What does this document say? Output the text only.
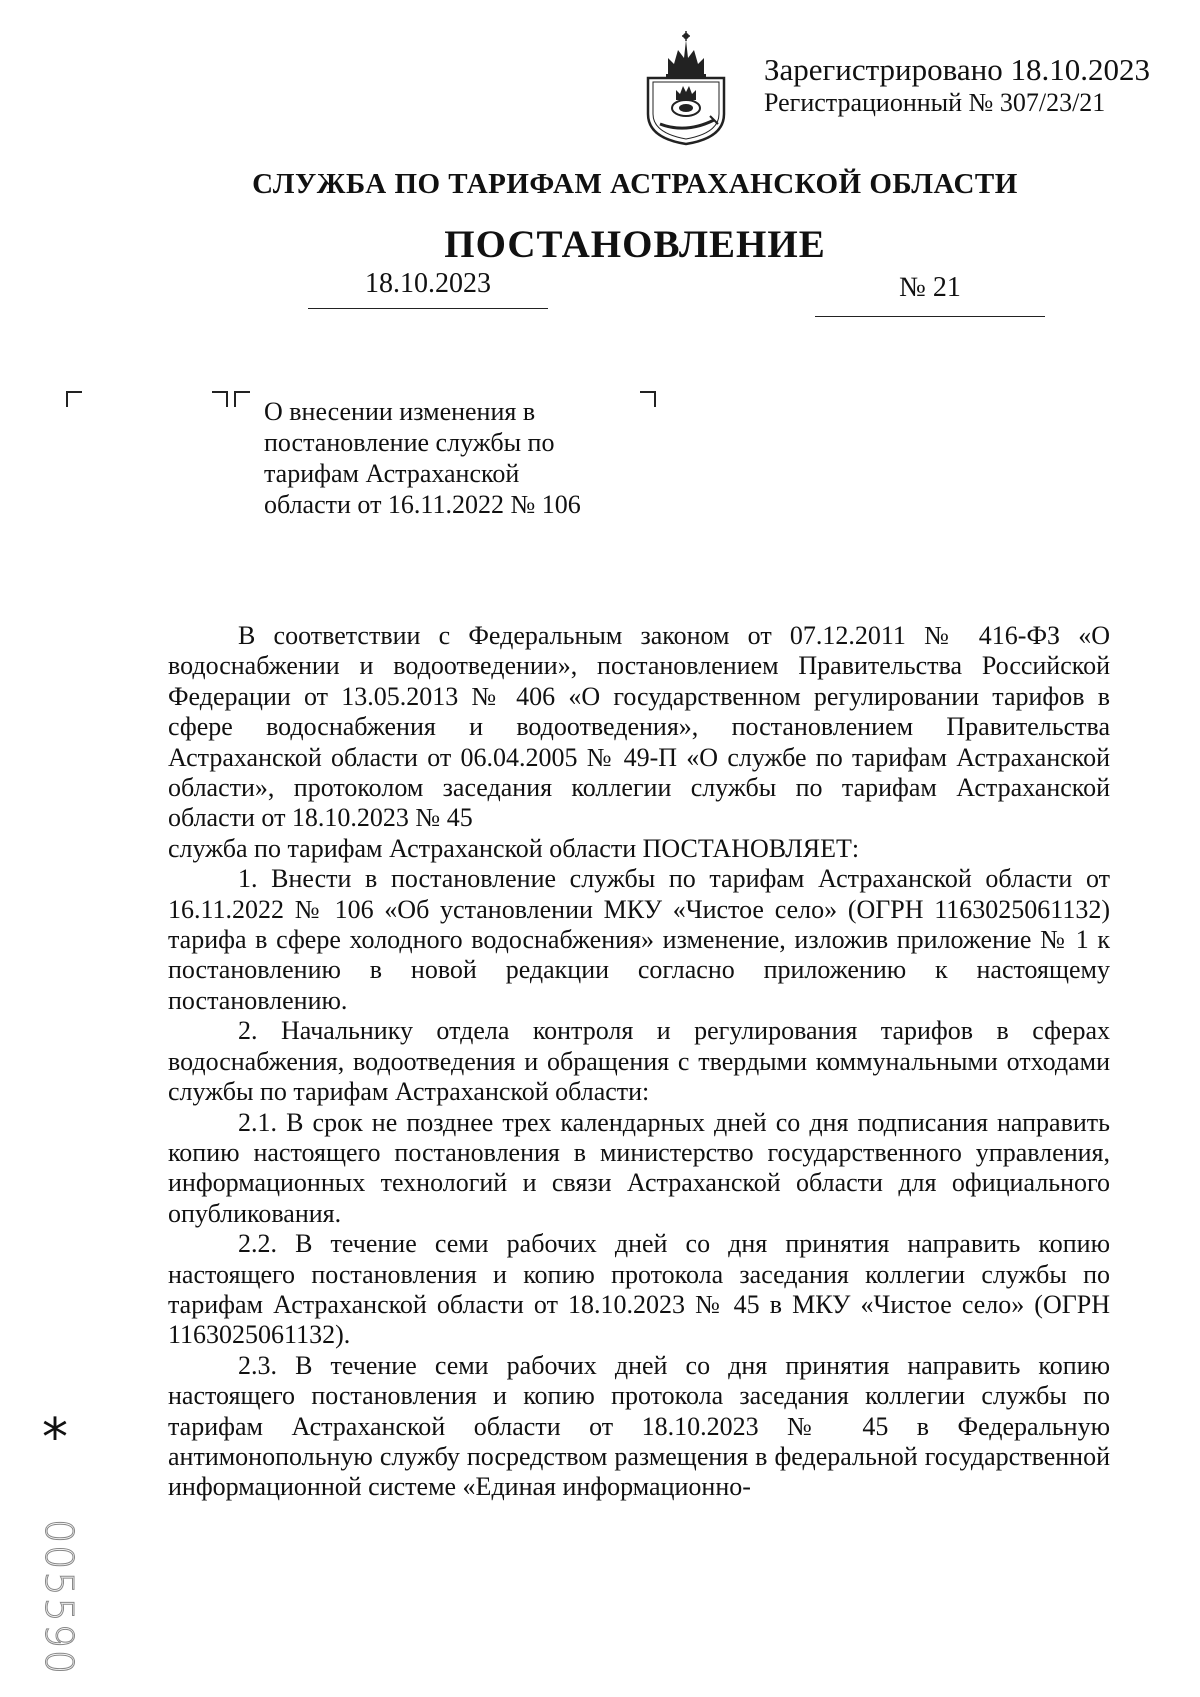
Зарегистрировано 18.10.2023
Регистрационный № 307/23/21
СЛУЖБА ПО ТАРИФАМ АСТРАХАНСКОЙ ОБЛАСТИ
ПОСТАНОВЛЕНИЕ
18.10.2023	№ 21

О внесении изменения в

постановление службы по

тарифам Астраханской

области от 16.11.2022 № 106

В соответствии с Федеральным законом от 07.12.2011 № 416-ФЗ «О водоснабжении и водоотведении», постановлением Правительства Российской Федерации от 13.05.2013 № 406 «О государственном регулировании тарифов в сфере водоснабжения и водоотведения», постановлением Правительства Астраханской области от 06.04.2005 № 49-П «О службе по тарифам Астраханской области», протоколом заседания коллегии службы по тарифам Астраханской области от 18.10.2023 № 45

служба по тарифам Астраханской области ПОСТАНОВЛЯЕТ:

1. Внести в постановление службы по тарифам Астраханской области от 16.11.2022 № 106 «Об установлении МКУ «Чистое село» (ОГРН 1163025061132) тарифа в сфере холодного водоснабжения» изменение, изложив приложение № 1 к постановлению в новой редакции согласно приложению к настоящему постановлению.

2. Начальнику отдела контроля и регулирования тарифов в сферах водоснабжения, водоотведения и обращения с твердыми коммунальными отходами службы по тарифам Астраханской области:

2.1. В срок не позднее трех календарных дней со дня подписания направить копию настоящего постановления в министерство государственного управления, информационных технологий и связи Астраханской области для официального опубликования.

2.2. В течение семи рабочих дней со дня принятия направить копию настоящего постановления и копию протокола заседания коллегии службы по тарифам Астраханской области от 18.10.2023 № 45 в МКУ «Чистое село» (ОГРН 1163025061132).

2.3. В течение семи рабочих дней со дня принятия направить копию настоящего постановления и копию протокола заседания коллегии службы по тарифам Астраханской области от 18.10.2023 № 45 в Федеральную антимонопольную службу посредством размещения в федеральной государственной информационной системе «Единая информационно-

*
005590
